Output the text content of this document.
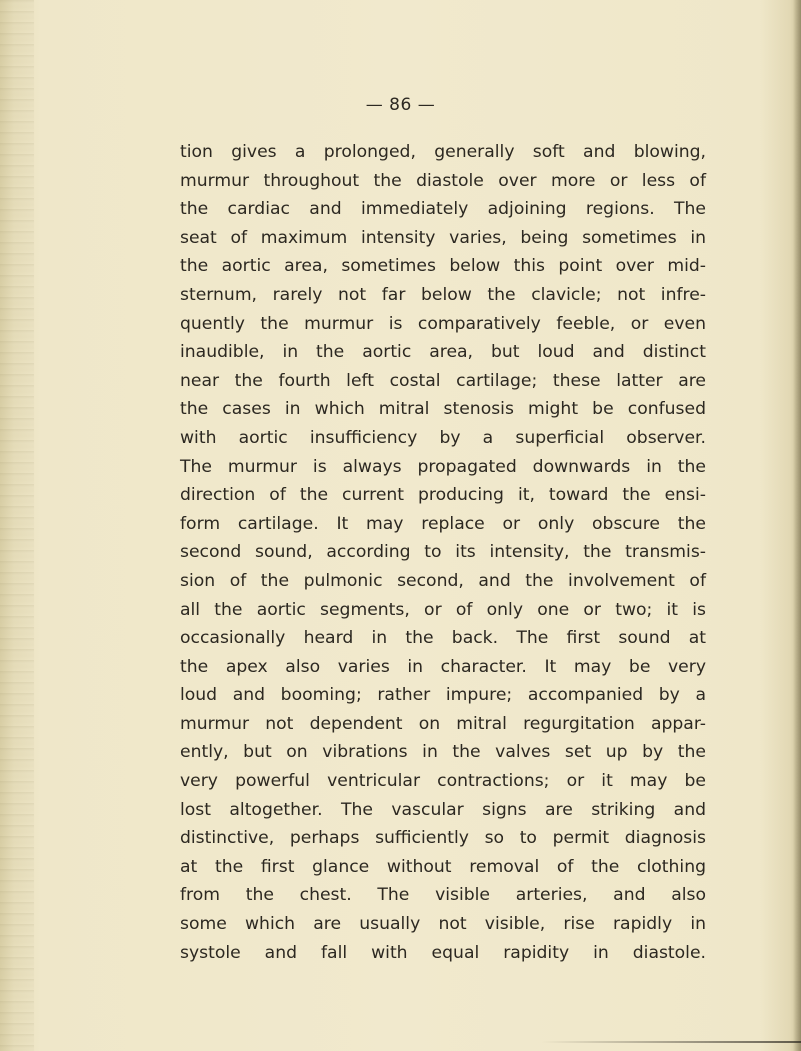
— 86 —
tion gives a prolonged, generally soft and blowing,
murmur throughout the diastole over more or less of
the cardiac and immediately adjoining regions. The
seat of maximum intensity varies, being sometimes in
the aortic area, sometimes below this point over mid-
sternum, rarely not far below the clavicle; not infre-
quently the murmur is comparatively feeble, or even
inaudible, in the aortic area, but loud and distinct
near the fourth left costal cartilage; these latter are
the cases in which mitral stenosis might be confused
with aortic insufficiency by a superficial observer.
The murmur is always propagated downwards in the
direction of the current producing it, toward the ensi-
form cartilage. It may replace or only obscure the
second sound, according to its intensity, the transmis-
sion of the pulmonic second, and the involvement of
all the aortic segments, or of only one or two; it is
occasionally heard in the back. The first sound at
the apex also varies in character. It may be very
loud and booming; rather impure; accompanied by a
murmur not dependent on mitral regurgitation appar-
ently, but on vibrations in the valves set up by the
very powerful ventricular contractions; or it may be
lost altogether. The vascular signs are striking and
distinctive, perhaps sufficiently so to permit diagnosis
at the first glance without removal of the clothing
from the chest. The visible arteries, and also
some which are usually not visible, rise rapidly in
systole and fall with equal rapidity in diastole.
